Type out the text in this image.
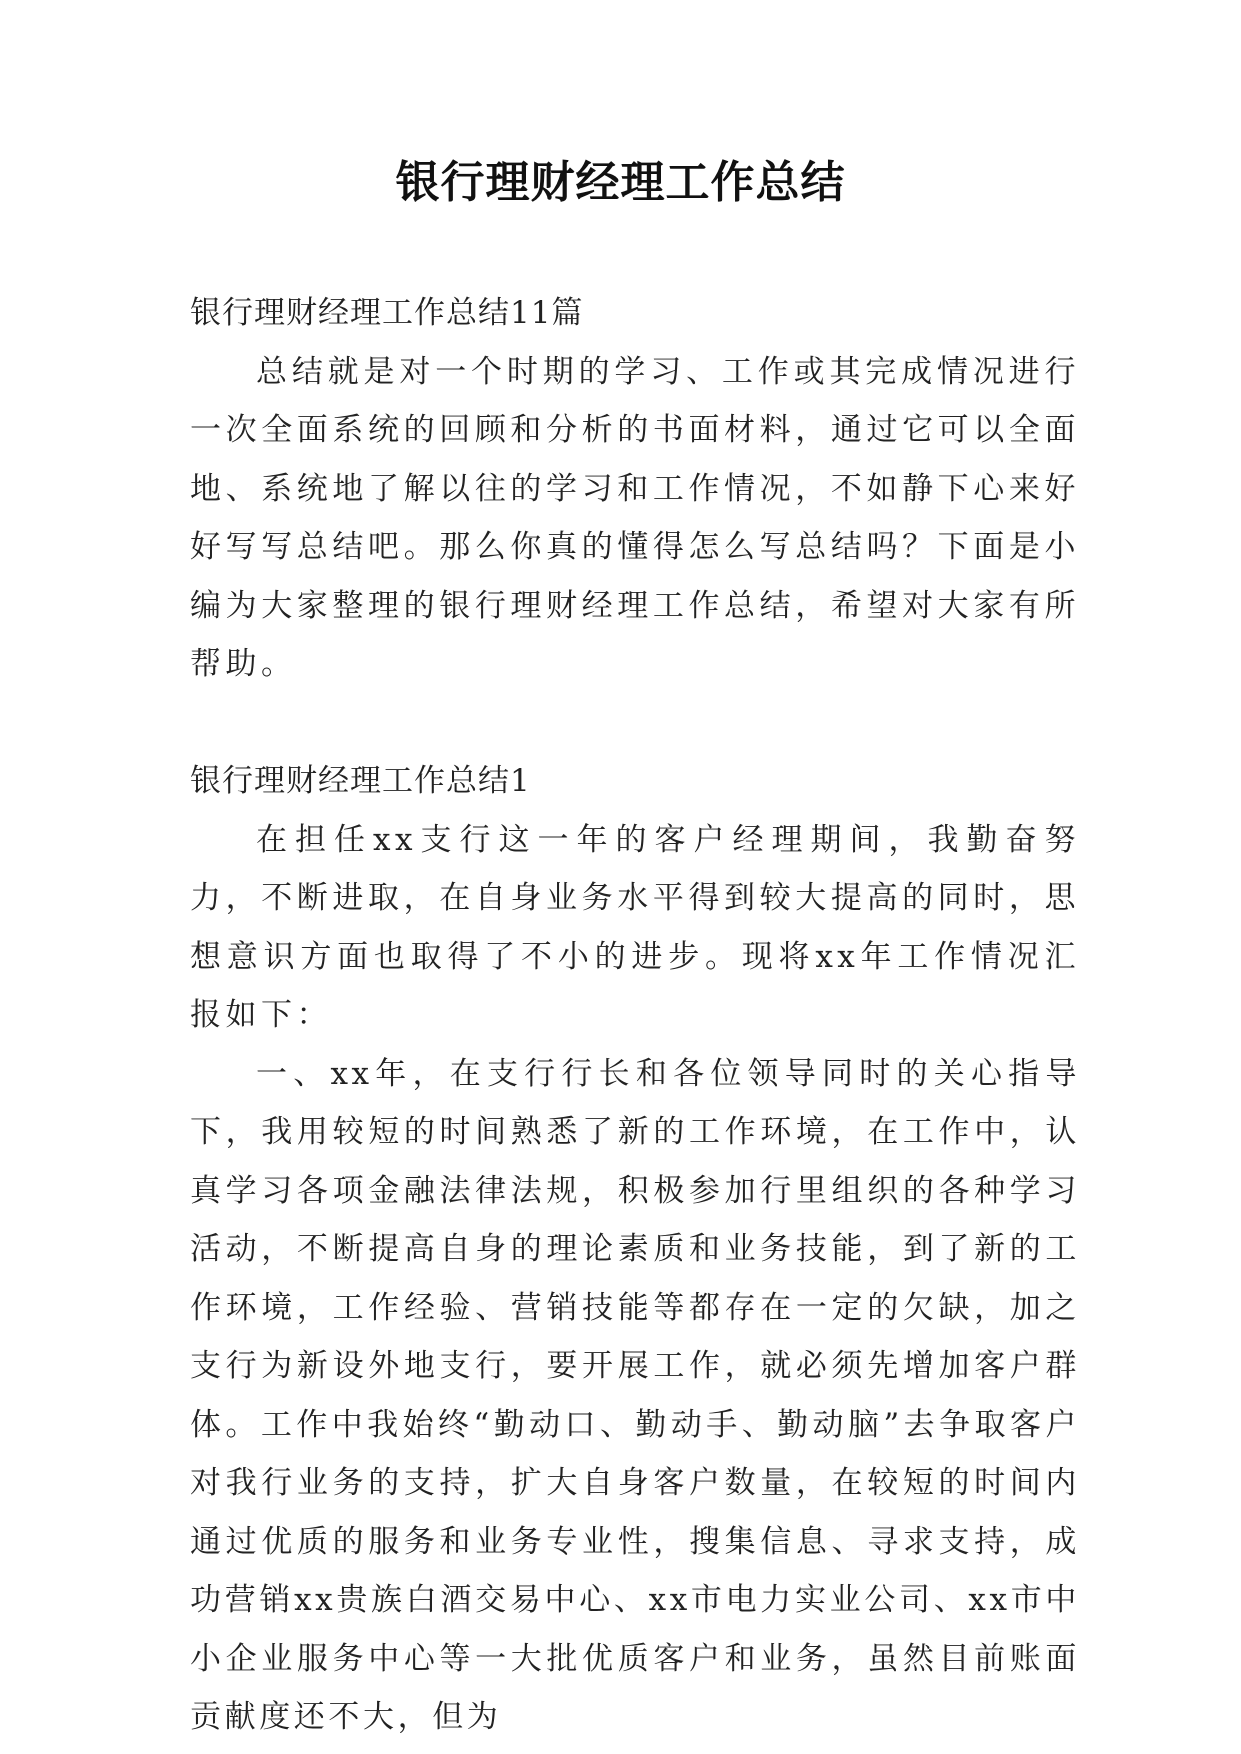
银行理财经理工作总结
银行理财经理工作总结11篇

总结就是对一个时期的学习、工作或其完成情况进行一次全面系统的回顾和分析的书面材料，通过它可以全面地、系统地了解以往的学习和工作情况，不如静下心来好好写写总结吧。那么你真的懂得怎么写总结吗？下面是小编为大家整理的银行理财经理工作总结，希望对大家有所帮助。

银行理财经理工作总结1

在担任xx支行这一年的客户经理期间，我勤奋努力，不断进取，在自身业务水平得到较大提高的同时，思想意识方面也取得了不小的进步。现将xx年工作情况汇报如下：

一、xx年，在支行行长和各位领导同时的关心指导下，我用较短的时间熟悉了新的工作环境，在工作中，认真学习各项金融法律法规，积极参加行里组织的各种学习活动，不断提高自身的理论素质和业务技能，到了新的工作环境，工作经验、营销技能等都存在一定的欠缺，加之支行为新设外地支行，要开展工作，就必须先增加客户群体。工作中我始终“勤动口、勤动手、勤动脑”去争取客户对我行业务的支持，扩大自身客户数量，在较短的时间内通过优质的服务和业务专业性，搜集信息、寻求支持，成功营销xx贵族白酒交易中心、xx市电力实业公司、xx市中小企业服务中心等一大批优质客户和业务，虽然目前账面贡献度还不大，但为
